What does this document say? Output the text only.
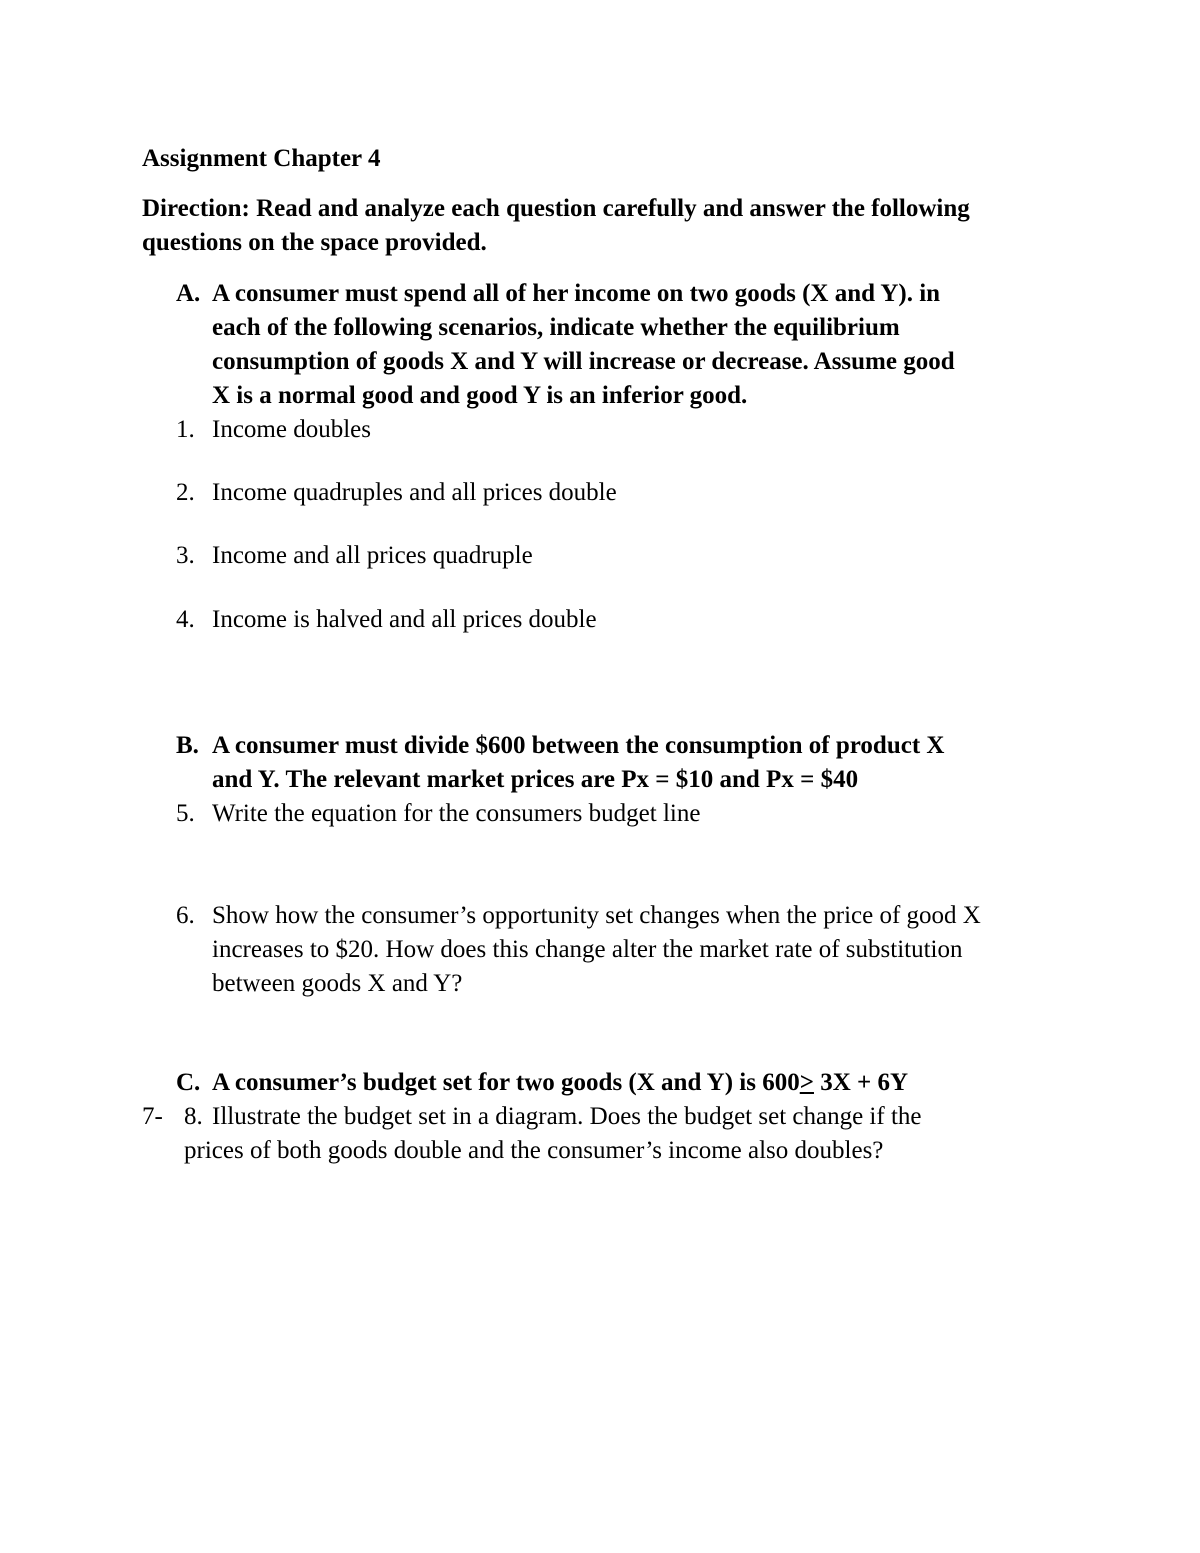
Assignment Chapter 4
Direction: Read and analyze each question carefully and answer the following
questions on the space provided.
A. A consumer must spend all of her income on two goods (X and Y). in
each of the following scenarios, indicate whether the equilibrium
consumption of goods X and Y will increase or decrease. Assume good
X is a normal good and good Y is an inferior good.
1. Income doubles
2. Income quadruples and all prices double
3. Income and all prices quadruple
4. Income is halved and all prices double
B. A consumer must divide $600 between the consumption of product X
and Y. The relevant market prices are Px = $10 and Px = $40
5. Write the equation for the consumers budget line
6. Show how the consumer’s opportunity set changes when the price of good X
increases to $20. How does this change alter the market rate of substitution
between goods X and Y?
C. A consumer’s budget set for two goods (X and Y) is 600≥ 3X + 6Y
7- 8. Illustrate the budget set in a diagram. Does the budget set change if the
prices of both goods double and the consumer’s income also doubles?
